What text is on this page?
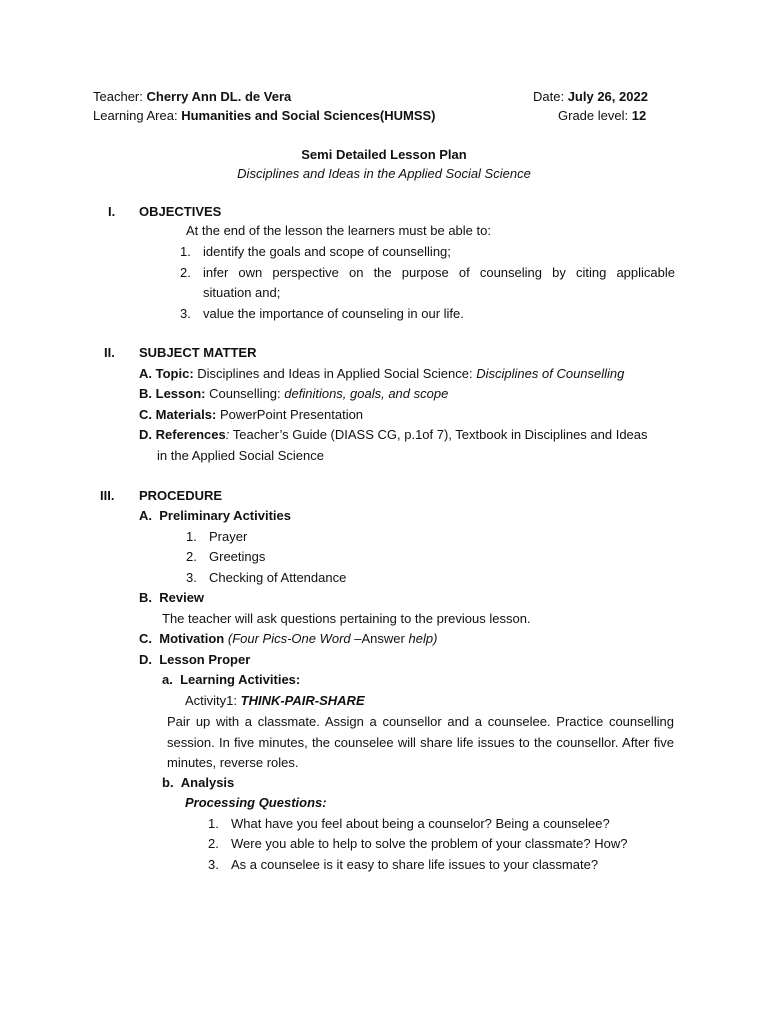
Teacher: Cherry Ann DL. de Vera	Date: July 26, 2022
Learning Area: Humanities and Social Sciences(HUMSS)	Grade level: 12
Semi Detailed Lesson Plan
Disciplines and Ideas in the Applied Social Science
I. OBJECTIVES
At the end of the lesson the learners must be able to:
1. identify the goals and scope of counselling;
2. infer own perspective on the purpose of counseling by citing applicable
situation and;
3. value the importance of counseling in our life.
II. SUBJECT MATTER
A. Topic: Disciplines and Ideas in Applied Social Science: Disciplines of Counselling
B. Lesson: Counselling: definitions, goals, and scope
C. Materials: PowerPoint Presentation
D. References: Teacher’s Guide (DIASS CG, p.1of 7), Textbook in Disciplines and Ideas
in the Applied Social Science
III. PROCEDURE
A. Preliminary Activities
1. Prayer
2. Greetings
3. Checking of Attendance
B. Review
The teacher will ask questions pertaining to the previous lesson.
C. Motivation (Four Pics-One Word –Answer help)
D. Lesson Proper
a. Learning Activities:
Activity1: THINK-PAIR-SHARE
Pair up with a classmate. Assign a counsellor and a counselee. Practice counselling session. In five minutes, the counselee will share life issues to the counsellor. After five minutes, reverse roles.
b. Analysis
Processing Questions:
1. What have you feel about being a counselor? Being a counselee?
2. Were you able to help to solve the problem of your classmate? How?
3. As a counselee is it easy to share life issues to your classmate?
